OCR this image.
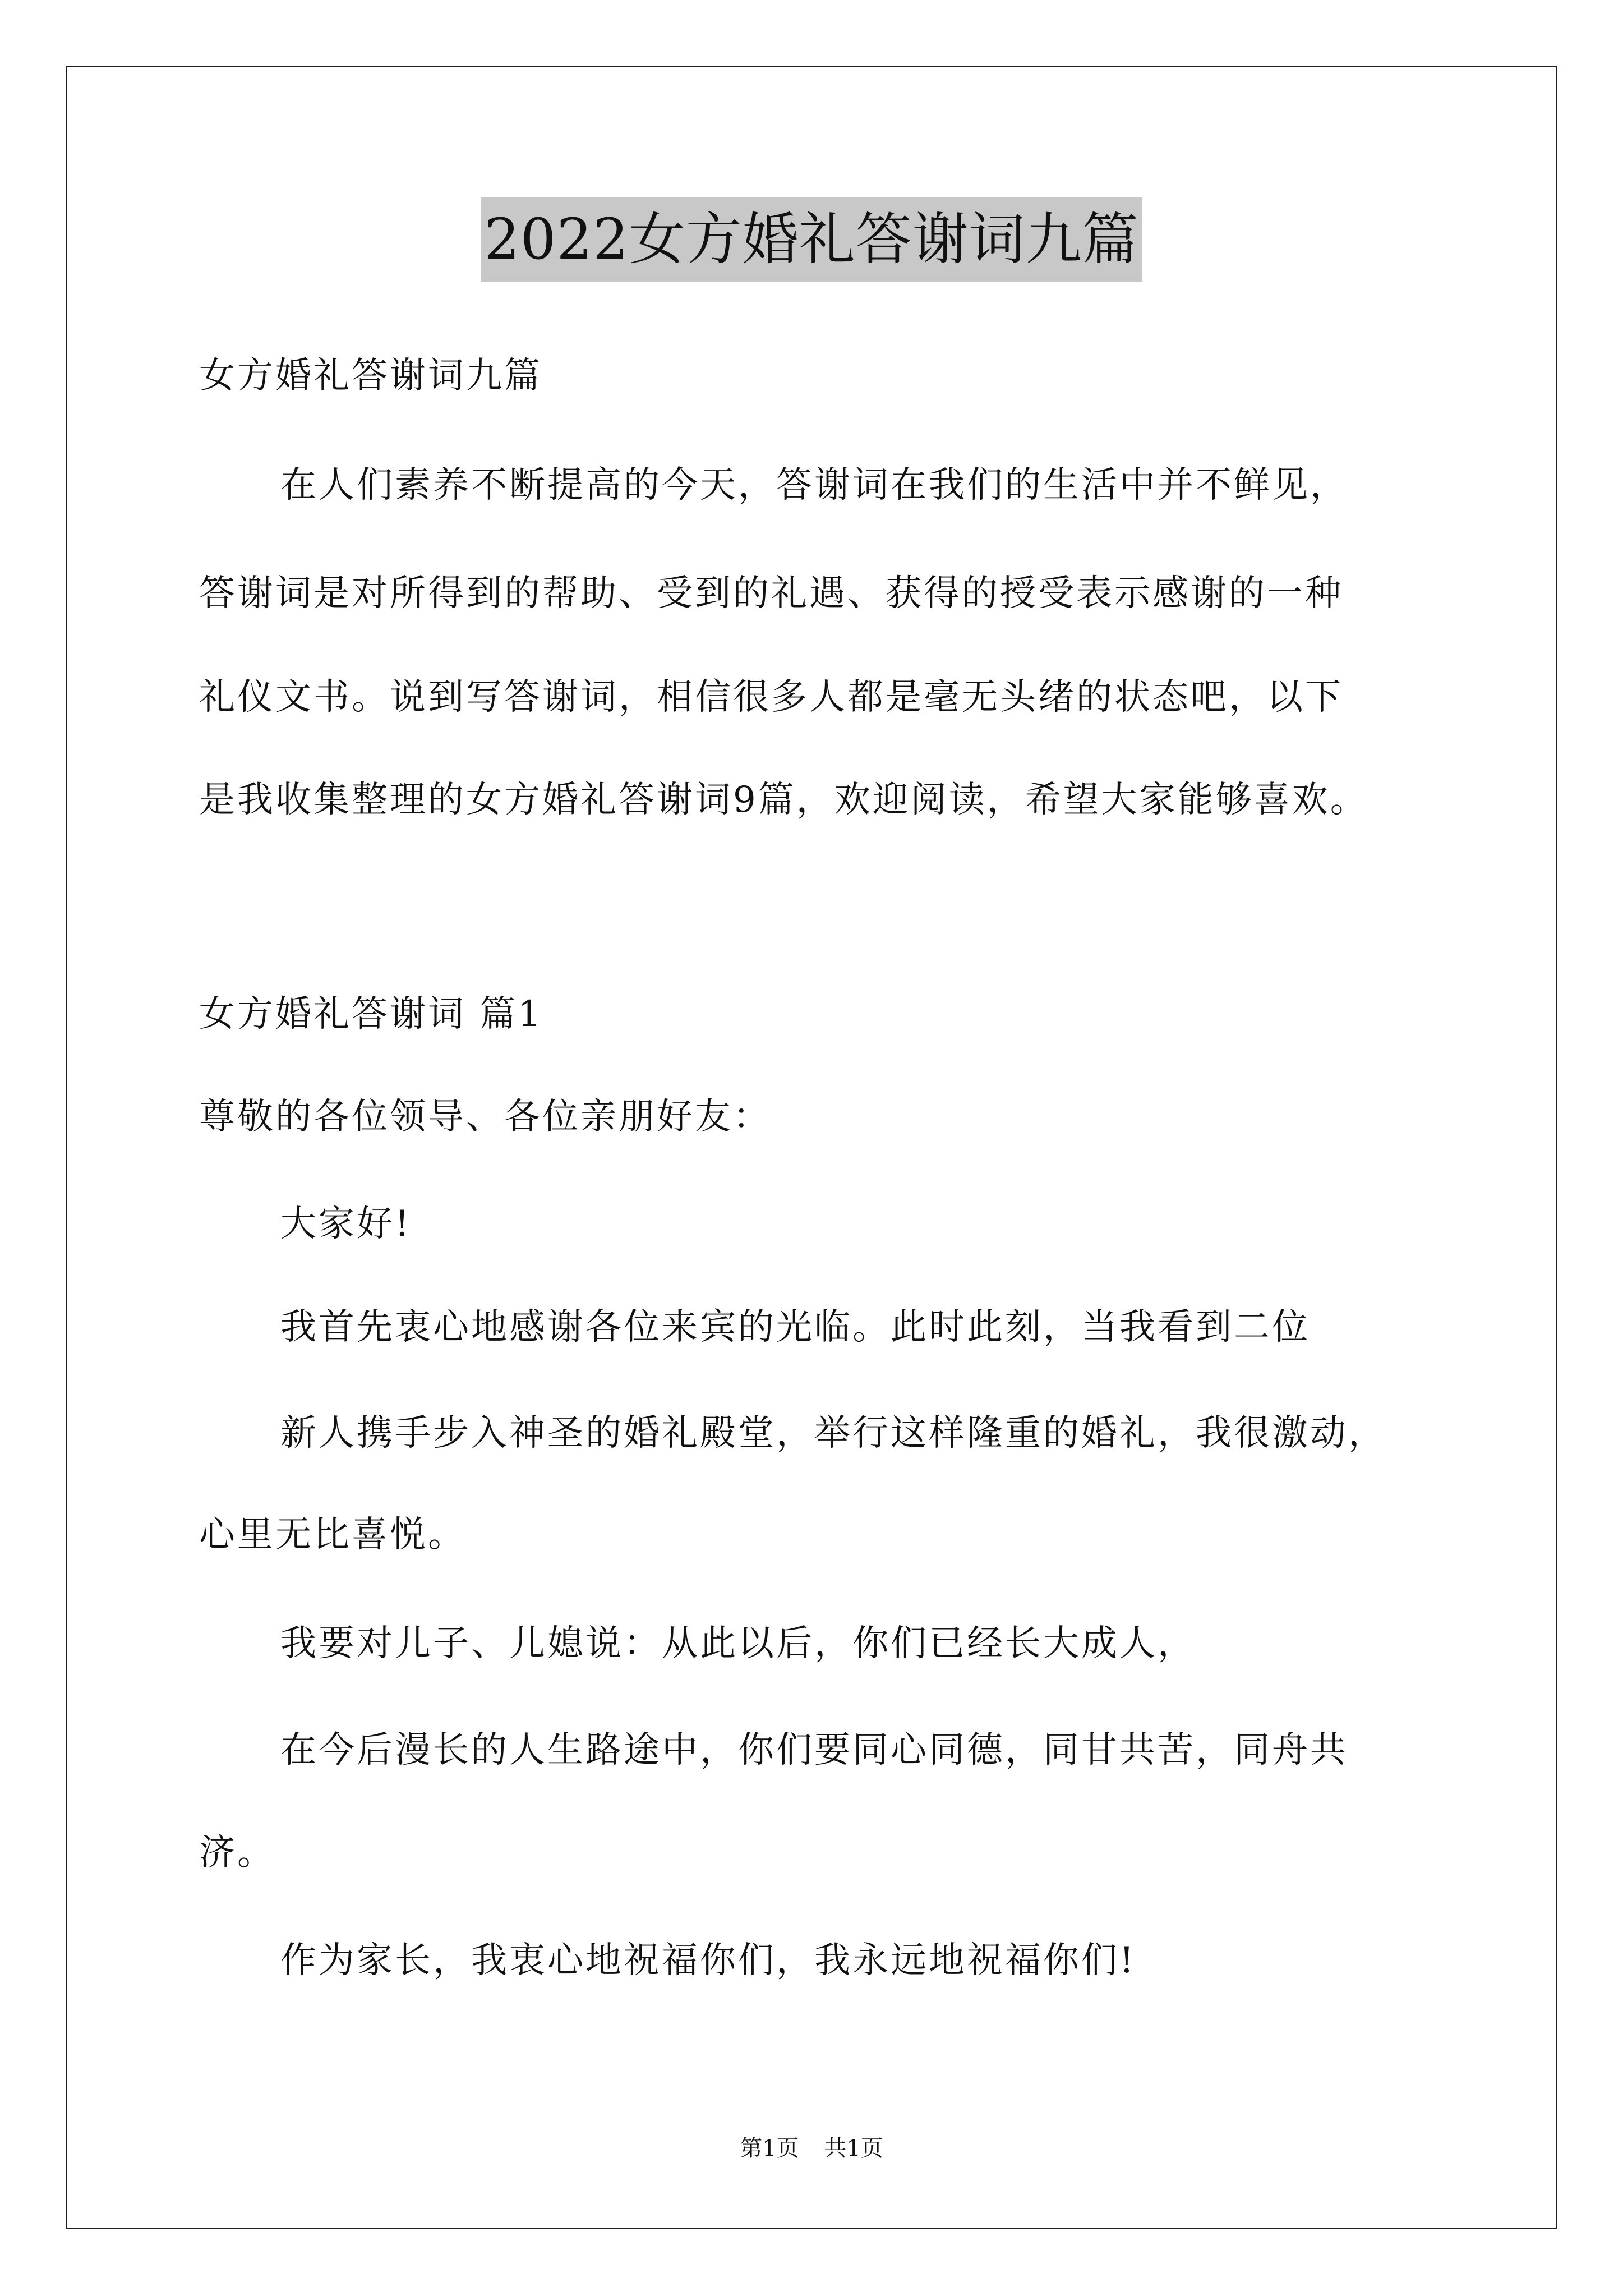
2022女方婚礼答谢词九篇
女方婚礼答谢词九篇
在人们素养不断提高的今天，答谢词在我们的生活中并不鲜见，
答谢词是对所得到的帮助、受到的礼遇、获得的授受表示感谢的一种
礼仪文书。说到写答谢词，相信很多人都是毫无头绪的状态吧，以下
是我收集整理的女方婚礼答谢词9篇，欢迎阅读，希望大家能够喜欢。
女方婚礼答谢词 篇1
尊敬的各位领导、各位亲朋好友：
大家好!
我首先衷心地感谢各位来宾的光临。此时此刻，当我看到二位
新人携手步入神圣的婚礼殿堂，举行这样隆重的婚礼，我很激动，
心里无比喜悦。
我要对儿子、儿媳说：从此以后，你们已经长大成人，
在今后漫长的人生路途中，你们要同心同德，同甘共苦，同舟共
济。
作为家长，我衷心地祝福你们，我永远地祝福你们!
第1页 共1页
